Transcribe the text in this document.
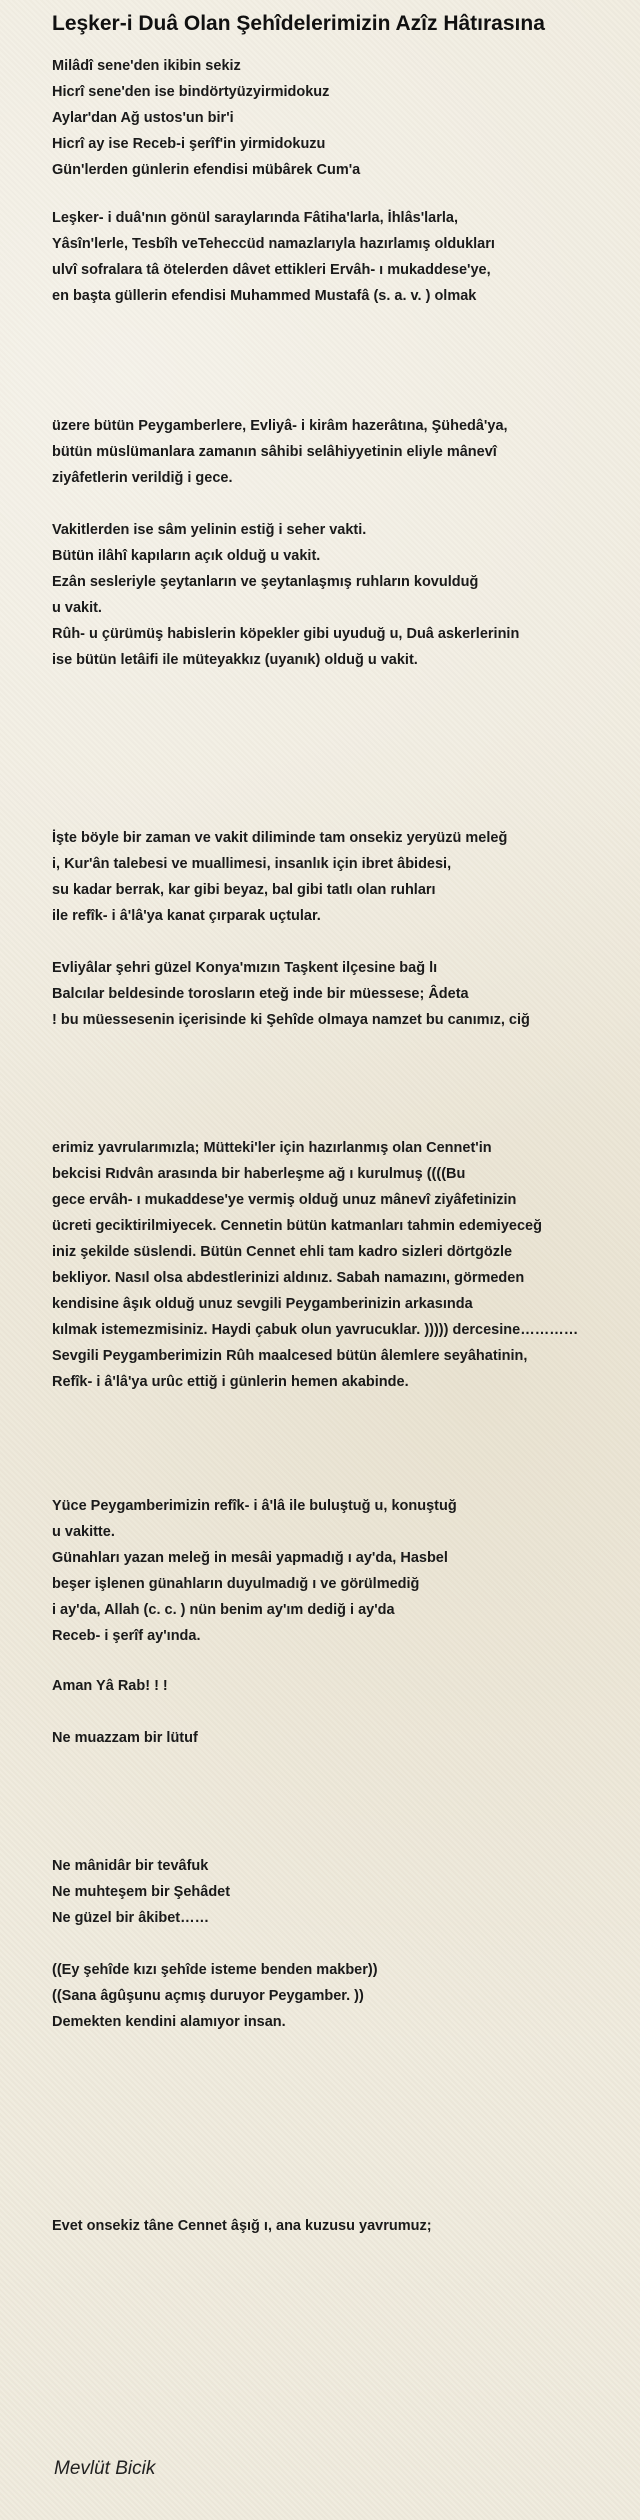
Leşker-i Duâ Olan Şehîdelerimizin Azîz Hâtırasına
Milâdî sene'den ikibin sekiz
Hicrî sene'den ise bindörtyüzyirmidokuz
Aylar'dan Ağ ustos'un bir'i
Hicrî ay ise Receb-i şerîf'in yirmidokuzu
Gün'lerden günlerin efendisi mübârek Cum'a
Leşker- i duâ'nın gönül saraylarında Fâtiha'larla, İhlâs'larla,
Yâsîn'lerle, Tesbîh veTeheccüd namazlarıyla hazırlamış oldukları
ulvî sofralara tâ ötelerden dâvet ettikleri Ervâh- ı mukaddese'ye,
en başta güllerin efendisi Muhammed Mustafâ (s. a. v. ) olmak
üzere bütün Peygamberlere, Evliyâ- i kirâm hazerâtına, Şühedâ'ya,
bütün müslümanlara zamanın sâhibi selâhiyyetinin eliyle mânevî
ziyâfetlerin verildiğ i gece.
Vakitlerden ise sâm yelinin estiğ i seher vakti.
Bütün ilâhî kapıların açık olduğ u vakit.
Ezân sesleriyle şeytanların ve şeytanlaşmış ruhların kovulduğ
u vakit.
Rûh- u çürümüş habislerin köpekler gibi uyuduğ u, Duâ askerlerinin
ise bütün letâifi ile müteyakkız (uyanık) olduğ u vakit.
İşte böyle bir zaman ve vakit diliminde tam onsekiz yeryüzü meleğ
i, Kur'ân talebesi ve muallimesi, insanlık için ibret âbidesi,
su kadar berrak, kar gibi beyaz, bal gibi tatlı olan ruhları
ile refîk- i â'lâ'ya kanat çırparak uçtular.
Evliyâlar şehri güzel Konya'mızın Taşkent ilçesine bağ lı
Balcılar beldesinde torosların eteğ inde bir müessese; Âdeta
! bu müessesenin içerisinde ki Şehîde olmaya namzet bu canımız, ciğ
erimiz yavrularımızla; Mütteki'ler için hazırlanmış olan Cennet'in
bekcisi Rıdvân arasında bir haberleşme ağ ı kurulmuş ((((Bu
gece ervâh- ı mukaddese'ye vermiş olduğ unuz mânevî ziyâfetinizin
ücreti geciktirilmiyecek. Cennetin bütün katmanları tahmin edemiyeceğ
iniz şekilde süslendi. Bütün Cennet ehli tam kadro sizleri dörtgözle
bekliyor. Nasıl olsa abdestlerinizi aldınız. Sabah namazını, görmeden
kendisine âşık olduğ unuz sevgili Peygamberinizin arkasında
kılmak istemezmisiniz. Haydi çabuk olun yavrucuklar. ))))) dercesine…………
Sevgili Peygamberimizin Rûh maalcesed bütün âlemlere seyâhatinin,
Refîk- i â'lâ'ya urûc ettiğ i günlerin hemen akabinde.
Yüce Peygamberimizin refîk- i â'lâ ile buluştuğ u, konuştuğ
u vakitte.
Günahları yazan meleğ in mesâi yapmadığ ı ay'da, Hasbel
beşer işlenen günahların duyulmadığ ı ve görülmediğ
i ay'da, Allah (c. c. ) nün benim ay'ım dediğ i ay'da
Receb- i şerîf ay'ında.
Aman Yâ Rab! ! !
Ne muazzam bir lütuf
Ne mânidâr bir tevâfuk
Ne muhteşem bir Şehâdet
Ne güzel bir âkibet……
((Ey şehîde kızı şehîde isteme benden makber))
((Sana âgûşunu açmış duruyor Peygamber. ))
Demekten kendini alamıyor insan.
Evet onsekiz tâne Cennet âşığ ı, ana kuzusu yavrumuz;
Mevlüt Bicik
